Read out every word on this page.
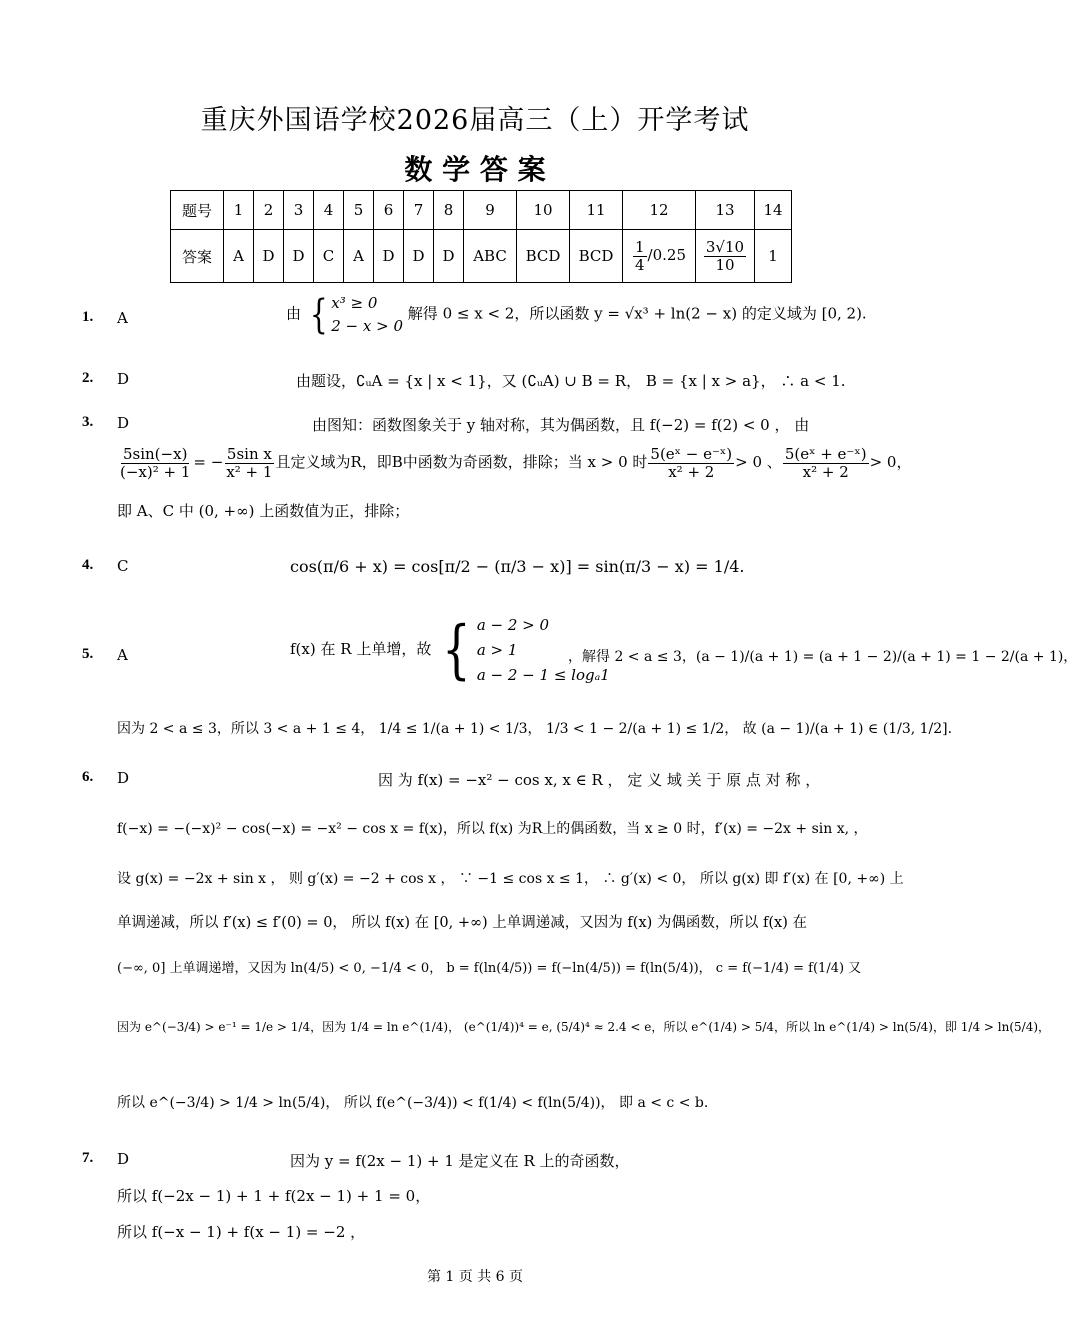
重庆外国语学校2026届高三（上）开学考试
数 学 答 案
题号	1	2	3	4	5	6	7	8	9	10	11	12	13	14
答案	A	D	D	C	A	D	D	D	ABC	BCD	BCD	$\frac{1}{4} /0.25$	$\frac{3√10}{10}$	1
1. A	由 { x³ ≥ 0
2 − x > 0
解得 0 ≤ x < 2，所以函数 y = √x³ + ln(2 − x) 的定义域为 [0, 2).
2. D	由题设，∁ᵤA = {x | x < 1}，又 (∁ᵤA) ∪ B = R， B = {x | x > a}， ∴ a < 1.
3. D	由图知：函数图象关于 y 轴对称，其为偶函数，且 f(−2) = f(2) < 0 ， 由
$\frac{5\sin(-x)}{\text{(−x)² + 1}}$ = − $\frac{\text{5sin x}}{\text{x² + 1}}$ 且定义域为R，即B中函数为奇函数，排除；当 x > 0 时 $\frac{\text{5(eˣ − e⁻ˣ)}}{\text{x² + 2}} > 0$ 、 $\frac{\text{5(eˣ + e⁻ˣ)}}{\text{x² + 2}} > 0$，
即 A、C 中 (0, +∞) 上函数值为正，排除；
4. C	cos(π/6 + x) = cos[π/2 − (π/3 − x)] = sin(π/3 − x) = 1/4.
5. A	f(x) 在 R 上单增，故 { a − 2 > 0
a > 1
a − 2 − 1 ≤ logₐ1
，解得 2 < a ≤ 3，(a − 1)/(a + 1) = (a + 1 − 2)/(a + 1) = 1 − 2/(a + 1)，
因为 2 < a ≤ 3，所以 3 < a + 1 ≤ 4， 1/4 ≤ 1/(a + 1) < 1/3， 1/3 < 1 − 2/(a + 1) ≤ 1/2， 故 (a − 1)/(a + 1) ∈ (1/3, 1/2].
6. D	因 为 f(x) = −x² − cos x, x ∈ R ， 定 义 域 关 于 原 点 对 称 ，
f(−x) = −(−x)² − cos(−x) = −x² − cos x = f(x)，所以 f(x) 为R上的偶函数，当 x ≥ 0 时，f′(x) = −2x + sin x, ，
设 g(x) = −2x + sin x ， 则 g′(x) = −2 + cos x ， ∵ −1 ≤ cos x ≤ 1， ∴ g′(x) < 0， 所以 g(x) 即 f′(x) 在 [0, +∞) 上
单调递减，所以 f′(x) ≤ f′(0) = 0， 所以 f(x) 在 [0, +∞) 上单调递减，又因为 f(x) 为偶函数，所以 f(x) 在
(−∞, 0] 上单调递增，又因为 ln(4/5) < 0, −1/4 < 0， b = f(ln(4/5)) = f(−ln(4/5)) = f(ln(5/4))， c = f(−1/4) = f(1/4) 又
因为 e^(−3/4) > e⁻¹ = 1/e > 1/4，因为 1/4 = ln e^(1/4)， (e^(1/4))⁴ = e, (5/4)⁴ ≈ 2.4 < e，所以 e^(1/4) > 5/4，所以 ln e^(1/4) > ln(5/4)，即 1/4 > ln(5/4)，
所以 e^(−3/4) > 1/4 > ln(5/4)， 所以 f(e^(−3/4)) < f(1/4) < f(ln(5/4))， 即 a < c < b.
7. D	因为 y = f(2x − 1) + 1 是定义在 R 上的奇函数，
所以 f(−2x − 1) + 1 + f(2x − 1) + 1 = 0，
所以 f(−x − 1) + f(x − 1) = −2 ，
第 1 页 共 6 页
